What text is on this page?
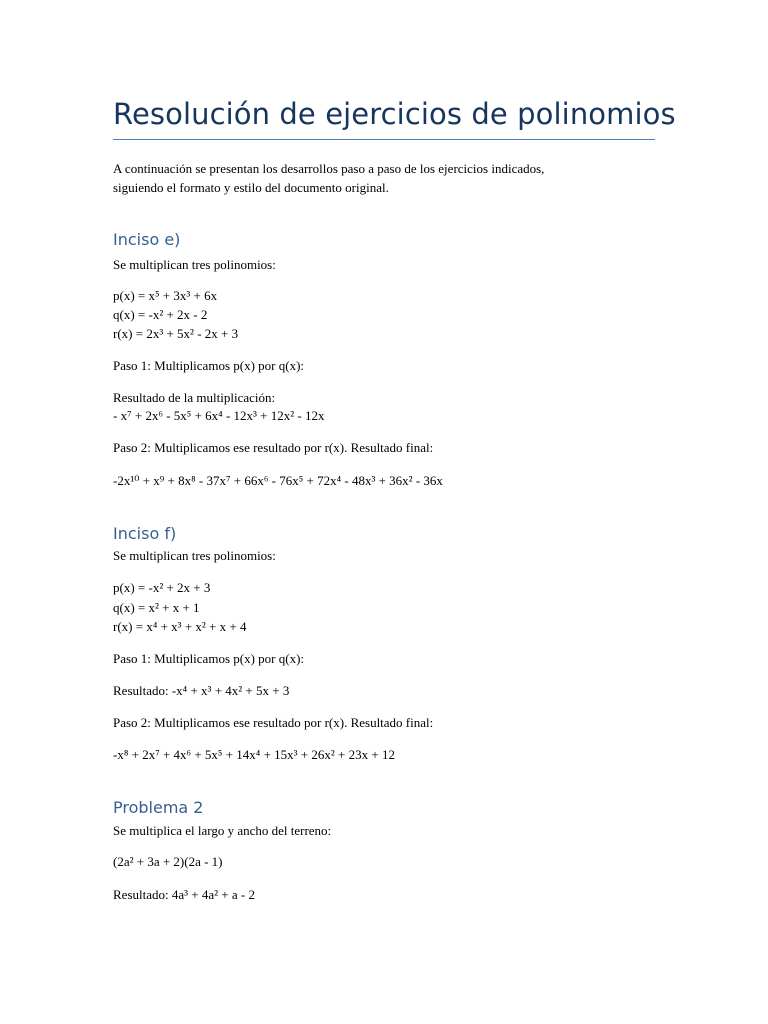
Resolución de ejercicios de polinomios
A continuación se presentan los desarrollos paso a paso de los ejercicios indicados,
siguiendo el formato y estilo del documento original.
Inciso e)
Se multiplican tres polinomios:
p(x) = x⁵ + 3x³ + 6x
q(x) = -x² + 2x - 2
r(x) = 2x³ + 5x² - 2x + 3
Paso 1: Multiplicamos p(x) por q(x):
Resultado de la multiplicación:
- x⁷ + 2x⁶ - 5x⁵ + 6x⁴ - 12x³ + 12x² - 12x
Paso 2: Multiplicamos ese resultado por r(x). Resultado final:
-2x¹⁰ + x⁹ + 8x⁸ - 37x⁷ + 66x⁶ - 76x⁵ + 72x⁴ - 48x³ + 36x² - 36x
Inciso f)
Se multiplican tres polinomios:
p(x) = -x² + 2x + 3
q(x) = x² + x + 1
r(x) = x⁴ + x³ + x² + x + 4
Paso 1: Multiplicamos p(x) por q(x):
Resultado: -x⁴ + x³ + 4x² + 5x + 3
Paso 2: Multiplicamos ese resultado por r(x). Resultado final:
-x⁸ + 2x⁷ + 4x⁶ + 5x⁵ + 14x⁴ + 15x³ + 26x² + 23x + 12
Problema 2
Se multiplica el largo y ancho del terreno:
(2a² + 3a + 2)(2a - 1)
Resultado: 4a³ + 4a² + a - 2
